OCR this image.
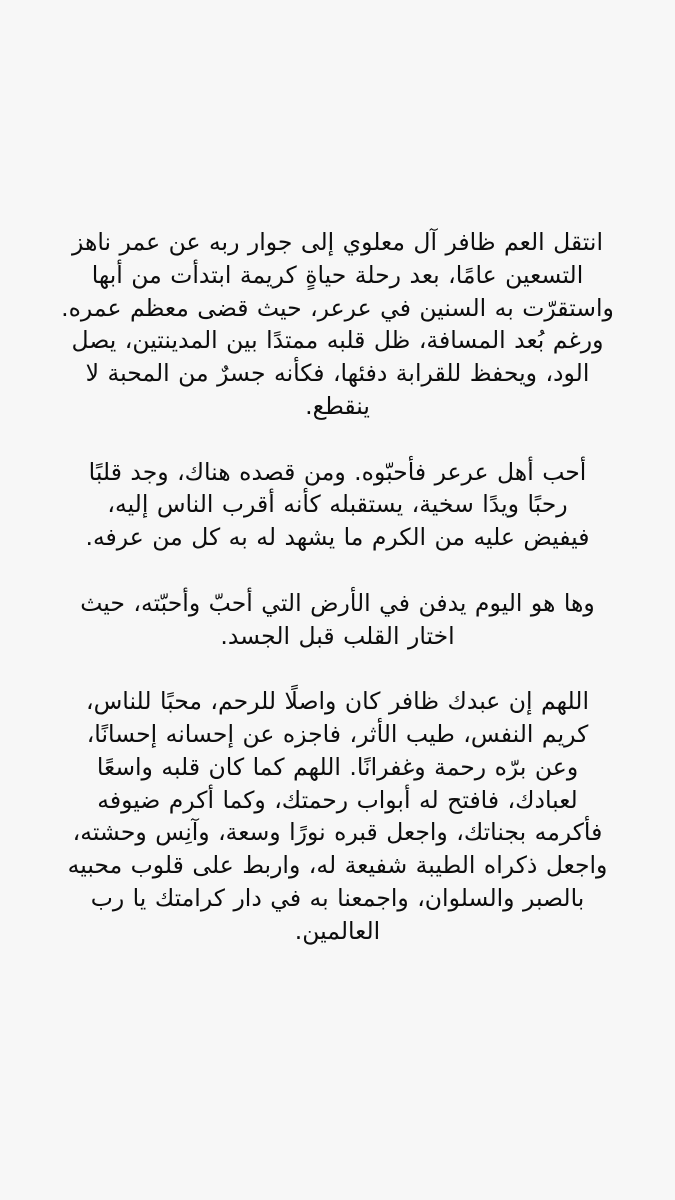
انتقل العم ظافر آل معلوي إلى جوار ربه عن عمر ناهز
التسعين عامًا، بعد رحلة حياةٍ كريمة ابتدأت من أبها
واستقرّت به السنين في عرعر، حيث قضى معظم عمره.
ورغم بُعد المسافة، ظل قلبه ممتدًا بين المدينتين، يصل
الود، ويحفظ للقرابة دفئها، فكأنه جسرٌ من المحبة لا
ينقطع.

أحب أهل عرعر فأحبّوه. ومن قصده هناك، وجد قلبًا
رحبًا ويدًا سخية، يستقبله كأنه أقرب الناس إليه،
فيفيض عليه من الكرم ما يشهد له به كل من عرفه.

وها هو اليوم يدفن في الأرض التي أحبّ وأحبّته، حيث
اختار القلب قبل الجسد.

اللهم إن عبدك ظافر كان واصلًا للرحم، محبًا للناس،
كريم النفس، طيب الأثر، فاجزه عن إحسانه إحسانًا،
وعن برّه رحمة وغفرانًا. اللهم كما كان قلبه واسعًا
لعبادك، فافتح له أبواب رحمتك، وكما أكرم ضيوفه
فأكرمه بجناتك، واجعل قبره نورًا وسعة، وآنِس وحشته،
واجعل ذكراه الطيبة شفيعة له، واربط على قلوب محبيه
بالصبر والسلوان، واجمعنا به في دار كرامتك يا رب
العالمين.
